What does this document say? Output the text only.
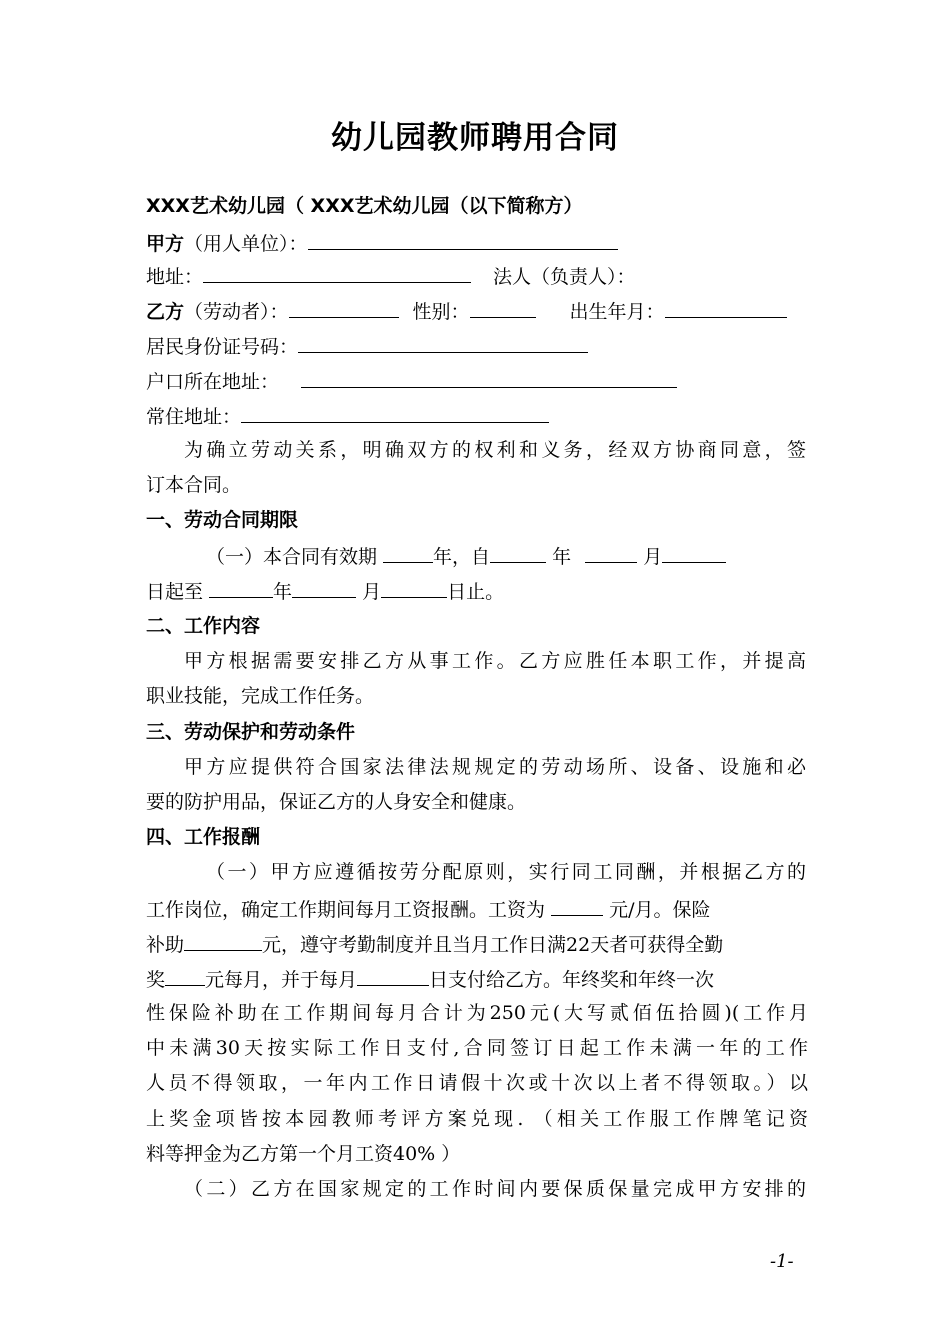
幼儿园教师聘用合同
XXX艺术幼儿园（ XXX艺术幼儿园（以下简称方）
甲方（用人单位）：
地址：	法人（负责人）：
乙方（劳动者）：	性别：	出生年月：
居民身份证号码：
户口所在地址：
常住地址：
为确立劳动关系，明确双方的权利和义务，经双方协商同意，签
订本合同。
一、劳动合同期限
（一）本合同有效期	年，自	年	月
日起至	年	月	日止。
二、工作内容
甲方根据需要安排乙方从事工作。乙方应胜任本职工作，并提高
职业技能，完成工作任务。
三、劳动保护和劳动条件
甲方应提供符合国家法律法规规定的劳动场所、设备、设施和必
要的防护用品，保证乙方的人身安全和健康。
四、工作报酬
（一）甲方应遵循按劳分配原则，实行同工同酬，并根据乙方的
工作岗位，确定工作期间每月工资报酬。工资为	元/月。保险
补助	元，遵守考勤制度并且当月工作日满22天者可获得全勤
奖 元每月，并于每月	日支付给乙方。年终奖和年终一次
性保险补助在工作期间每月合计为250元(大写贰佰伍拾圆)(工作月
中未满30天按实际工作日支付,合同签订日起工作未满一年的工作
人员不得领取，一年内工作日请假十次或十次以上者不得领取。）以
上奖金项皆按本园教师考评方案兑现. （相关工作服工作牌笔记资
料等押金为乙方第一个月工资40% ）
（二）乙方在国家规定的工作时间内要保质保量完成甲方安排的
-1-
